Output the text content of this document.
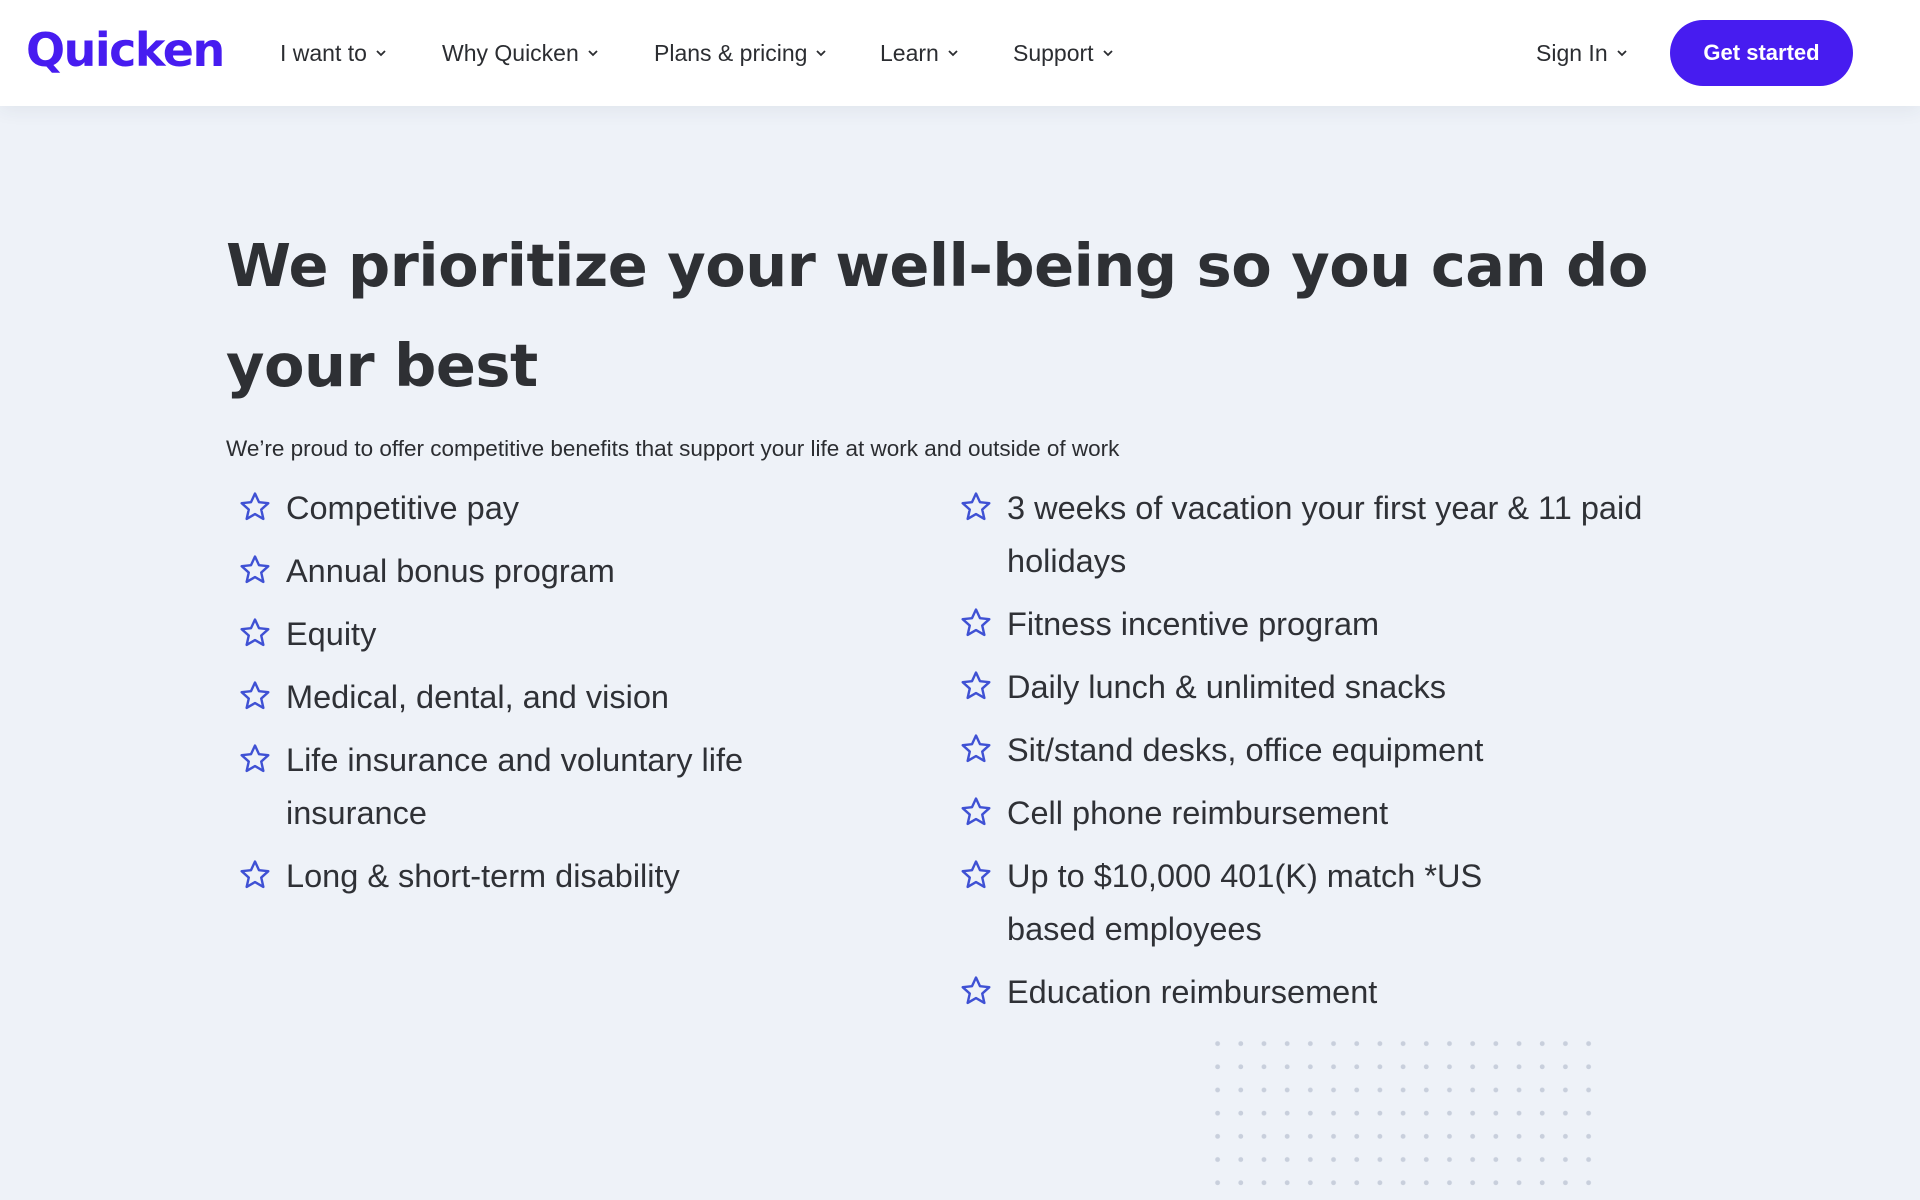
Quicken I want to	Why Quicken	Plans & pricing	Learn	Support	Sign In	Get started
We prioritize your well-being so you can do your best

We’re proud to offer competitive benefits that support your life at work and outside of work

Competitive pay
Annual bonus program
Equity
Medical, dental, and vision
Life insurance and voluntary life insurance
Long & short-term disability
3 weeks of vacation your first year & 11 paid holidays
Fitness incentive program
Daily lunch & unlimited snacks
Sit/stand desks, office equipment
Cell phone reimbursement
Up to $10,000 401(K) match *US based employees
Education reimbursement
